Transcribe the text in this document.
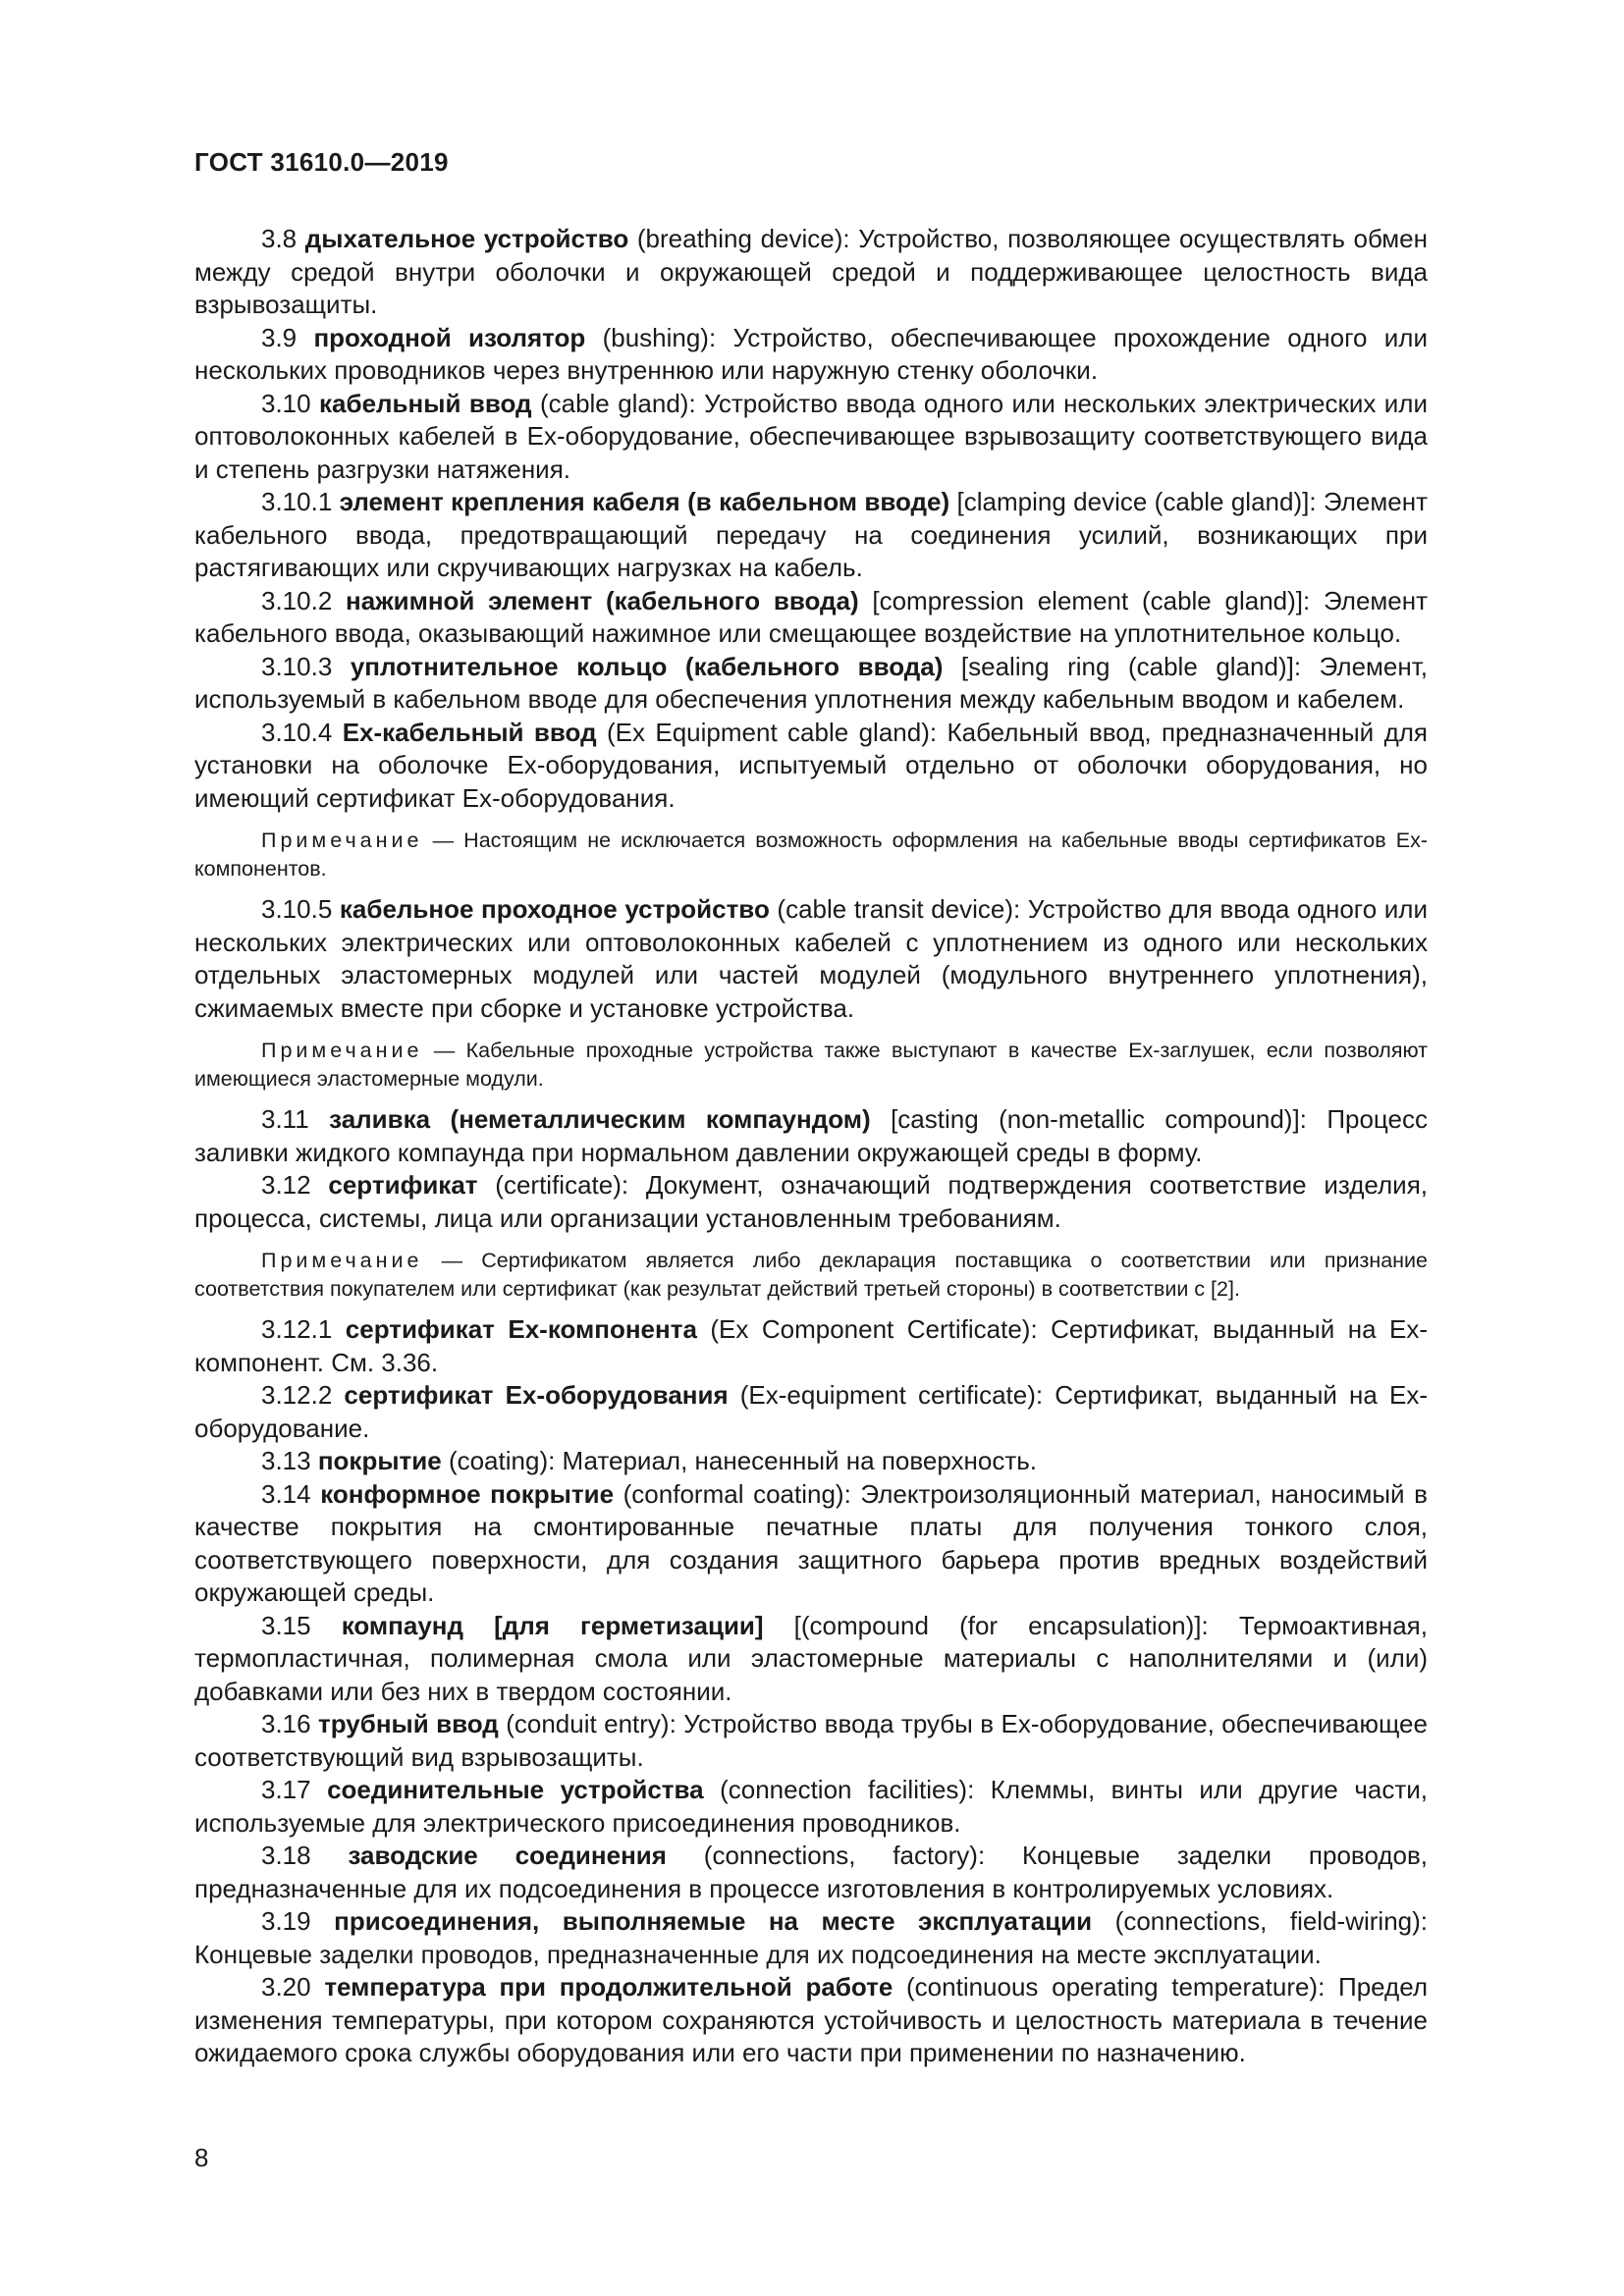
ГОСТ 31610.0—2019

3.8 дыхательное устройство (breathing device): Устройство, позволяющее осуществлять обмен между средой внутри оболочки и окружающей средой и поддерживающее целостность вида взрывозащиты.

3.9 проходной изолятор (bushing): Устройство, обеспечивающее прохождение одного или нескольких проводников через внутреннюю или наружную стенку оболочки.

3.10 кабельный ввод (cable gland): Устройство ввода одного или нескольких электрических или оптоволоконных кабелей в Ex-оборудование, обеспечивающее взрывозащиту соответствующего вида и степень разгрузки натяжения.

3.10.1 элемент крепления кабеля (в кабельном вводе) [clamping device (cable gland)]: Элемент кабельного ввода, предотвращающий передачу на соединения усилий, возникающих при растягивающих или скручивающих нагрузках на кабель.

3.10.2 нажимной элемент (кабельного ввода) [compression element (cable gland)]: Элемент кабельного ввода, оказывающий нажимное или смещающее воздействие на уплотнительное кольцо.

3.10.3 уплотнительное кольцо (кабельного ввода) [sealing ring (cable gland)]: Элемент, используемый в кабельном вводе для обеспечения уплотнения между кабельным вводом и кабелем.

3.10.4 Ex-кабельный ввод (Ex Equipment cable gland): Кабельный ввод, предназначенный для установки на оболочке Ex-оборудования, испытуемый отдельно от оболочки оборудования, но имеющий сертификат Ex-оборудования.

Примечание — Настоящим не исключается возможность оформления на кабельные вводы сертификатов Ex-компонентов.

3.10.5 кабельное проходное устройство (cable transit device): Устройство для ввода одного или нескольких электрических или оптоволоконных кабелей с уплотнением из одного или нескольких отдельных эластомерных модулей или частей модулей (модульного внутреннего уплотнения), сжимаемых вместе при сборке и установке устройства.

Примечание — Кабельные проходные устройства также выступают в качестве Ex-заглушек, если позволяют имеющиеся эластомерные модули.

3.11 заливка (неметаллическим компаундом) [casting (non-metallic compound)]: Процесс заливки жидкого компаунда при нормальном давлении окружающей среды в форму.

3.12 сертификат (certificate): Документ, означающий подтверждения соответствие изделия, процесса, системы, лица или организации установленным требованиям.

Примечание — Сертификатом является либо декларация поставщика о соответствии или признание соответствия покупателем или сертификат (как результат действий третьей стороны) в соответствии с [2].

3.12.1 сертификат Ex-компонента (Ex Component Certificate): Сертификат, выданный на Ex-компонент. См. 3.36.

3.12.2 сертификат Ex-оборудования (Ex-equipment certificate): Сертификат, выданный на Ex-оборудование.

3.13 покрытие (coating): Материал, нанесенный на поверхность.

3.14 конформное покрытие (conformal coating): Электроизоляционный материал, наносимый в качестве покрытия на смонтированные печатные платы для получения тонкого слоя, соответствующего поверхности, для создания защитного барьера против вредных воздействий окружающей среды.

3.15 компаунд [для герметизации] [(compound (for encapsulation)]: Термоактивная, термопластичная, полимерная смола или эластомерные материалы с наполнителями и (или) добавками или без них в твердом состоянии.

3.16 трубный ввод (conduit entry): Устройство ввода трубы в Ex-оборудование, обеспечивающее соответствующий вид взрывозащиты.

3.17 соединительные устройства (connection facilities): Клеммы, винты или другие части, используемые для электрического присоединения проводников.

3.18 заводские соединения (connections, factory): Концевые заделки проводов, предназначенные для их подсоединения в процессе изготовления в контролируемых условиях.

3.19 присоединения, выполняемые на месте эксплуатации (connections, field-wiring): Концевые заделки проводов, предназначенные для их подсоединения на месте эксплуатации.

3.20 температура при продолжительной работе (continuous operating temperature): Предел изменения температуры, при котором сохраняются устойчивость и целостность материала в течение ожидаемого срока службы оборудования или его части при применении по назначению.

8
